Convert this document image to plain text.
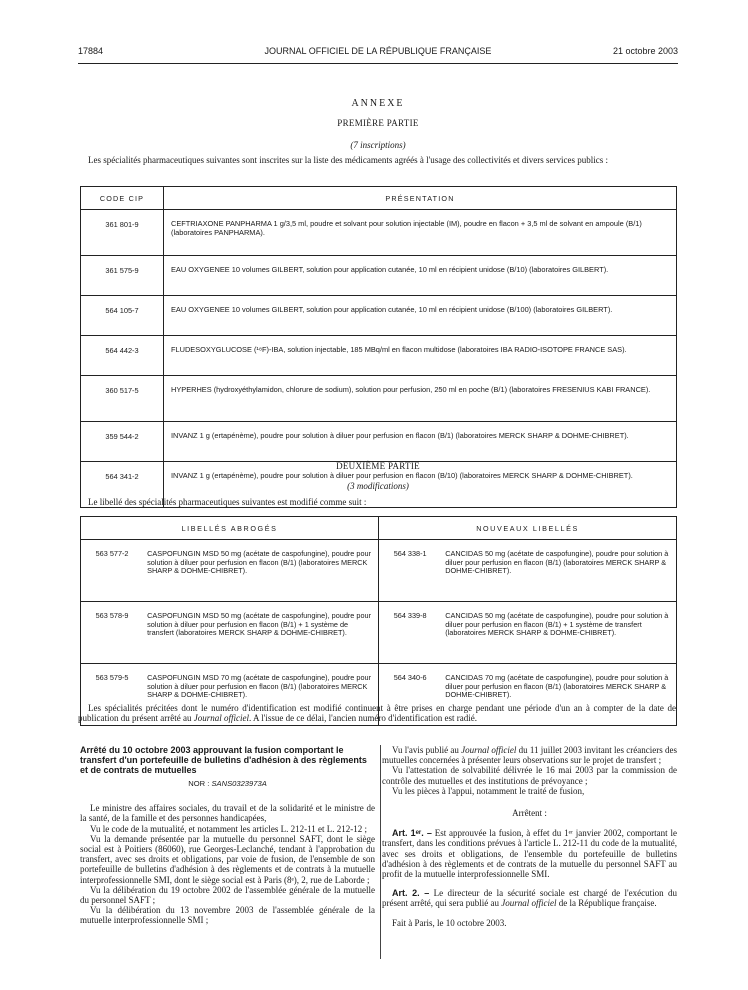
17884	JOURNAL OFFICIEL DE LA RÉPUBLIQUE FRANÇAISE	21 octobre 2003
ANNEXE
PREMIÈRE PARTIE
(7 inscriptions)
Les spécialités pharmaceutiques suivantes sont inscrites sur la liste des médicaments agréés à l'usage des collectivités et divers services publics :
CODE CIP	PRÉSENTATION
361 801-9	CEFTRIAXONE PANPHARMA 1 g/3,5 ml, poudre et solvant pour solution injectable (IM), poudre en flacon + 3,5 ml de solvant en ampoule (B/1) (laboratoires PANPHARMA).
361 575-9	EAU OXYGENEE 10 volumes GILBERT, solution pour application cutanée, 10 ml en récipient unidose (B/10) (laboratoires GILBERT).
564 105-7	EAU OXYGENEE 10 volumes GILBERT, solution pour application cutanée, 10 ml en récipient unidose (B/100) (laboratoires GILBERT).
564 442-3	FLUDESOXYGLUCOSE (¹⁸F)-IBA, solution injectable, 185 MBq/ml en flacon multidose (laboratoires IBA RADIO-ISOTOPE FRANCE SAS).
360 517-5	HYPERHES (hydroxyéthylamidon, chlorure de sodium), solution pour perfusion, 250 ml en poche (B/1) (laboratoires FRESENIUS KABI FRANCE).
359 544-2	INVANZ 1 g (ertapénème), poudre pour solution à diluer pour perfusion en flacon (B/1) (laboratoires MERCK SHARP & DOHME-CHIBRET).
564 341-2	INVANZ 1 g (ertapénème), poudre pour solution à diluer pour perfusion en flacon (B/10) (laboratoires MERCK SHARP & DOHME-CHIBRET).
DEUXIÈME PARTIE
(3 modifications)
Le libellé des spécialités pharmaceutiques suivantes est modifié comme suit :
LIBELLÉS ABROGÉS		NOUVEAUX LIBELLÉS	
563 577-2	CASPOFUNGIN MSD 50 mg (acétate de caspofungine), poudre pour solution à diluer pour perfusion en flacon (B/1) (laboratoires MERCK SHARP & DOHME-CHIBRET).	564 338-1	CANCIDAS 50 mg (acétate de caspofungine), poudre pour solution à diluer pour perfusion en flacon (B/1) (laboratoires MERCK SHARP & DOHME-CHIBRET).
563 578-9	CASPOFUNGIN MSD 50 mg (acétate de caspofungine), poudre pour solution à diluer pour perfusion en flacon (B/1) + 1 système de transfert (laboratoires MERCK SHARP & DOHME-CHIBRET).	564 339-8	CANCIDAS 50 mg (acétate de caspofungine), poudre pour solution à diluer pour perfusion en flacon (B/1) + 1 système de transfert (laboratoires MERCK SHARP & DOHME-CHIBRET).
563 579-5	CASPOFUNGIN MSD 70 mg (acétate de caspofungine), poudre pour solution à diluer pour perfusion en flacon (B/1) (laboratoires MERCK SHARP & DOHME-CHIBRET).	564 340-6	CANCIDAS 70 mg (acétate de caspofungine), poudre pour solution à diluer pour perfusion en flacon (B/1) (laboratoires MERCK SHARP & DOHME-CHIBRET).
Les spécialités précitées dont le numéro d'identification est modifié continuent à être prises en charge pendant une période d'un an à compter de la date de publication du présent arrêté au Journal officiel. A l'issue de ce délai, l'ancien numéro d'identification est radié.
Arrêté du 10 octobre 2003 approuvant la fusion comportant le transfert d'un portefeuille de bulletins d'adhésion à des règlements et de contrats de mutuelles
NOR : SANS0323973A

Le ministre des affaires sociales, du travail et de la solidarité et le ministre de la santé, de la famille et des personnes handicapées,

Vu le code de la mutualité, et notamment les articles L. 212-11 et L. 212-12 ;

Vu la demande présentée par la mutuelle du personnel SAFT, dont le siège social est à Poitiers (86060), rue Georges-Leclanché, tendant à l'approbation du transfert, avec ses droits et obligations, par voie de fusion, de l'ensemble de son portefeuille de bulletins d'adhésion à des règlements et de contrats à la mutuelle interprofessionnelle SMI, dont le siège social est à Paris (8ᵉ), 2, rue de Laborde ;

Vu la délibération du 19 octobre 2002 de l'assemblée générale de la mutuelle du personnel SAFT ;

Vu la délibération du 13 novembre 2003 de l'assemblée générale de la mutuelle interprofessionnelle SMI ;

Vu l'avis publié au Journal officiel du 11 juillet 2003 invitant les créanciers des mutuelles concernées à présenter leurs observations sur le projet de transfert ;

Vu l'attestation de solvabilité délivrée le 16 mai 2003 par la commission de contrôle des mutuelles et des institutions de prévoyance ;

Vu les pièces à l'appui, notamment le traité de fusion,

Arrêtent :

Art. 1ᵉʳ. – Est approuvée la fusion, à effet du 1ᵉʳ janvier 2002, comportant le transfert, dans les conditions prévues à l'article L. 212-11 du code de la mutualité, avec ses droits et obligations, de l'ensemble du portefeuille de bulletins d'adhésion à des règlements et de contrats de la mutuelle du personnel SAFT au profit de la mutuelle interprofessionnelle SMI.

Art. 2. – Le directeur de la sécurité sociale est chargé de l'exécution du présent arrêté, qui sera publié au Journal officiel de la République française.

Fait à Paris, le 10 octobre 2003.
